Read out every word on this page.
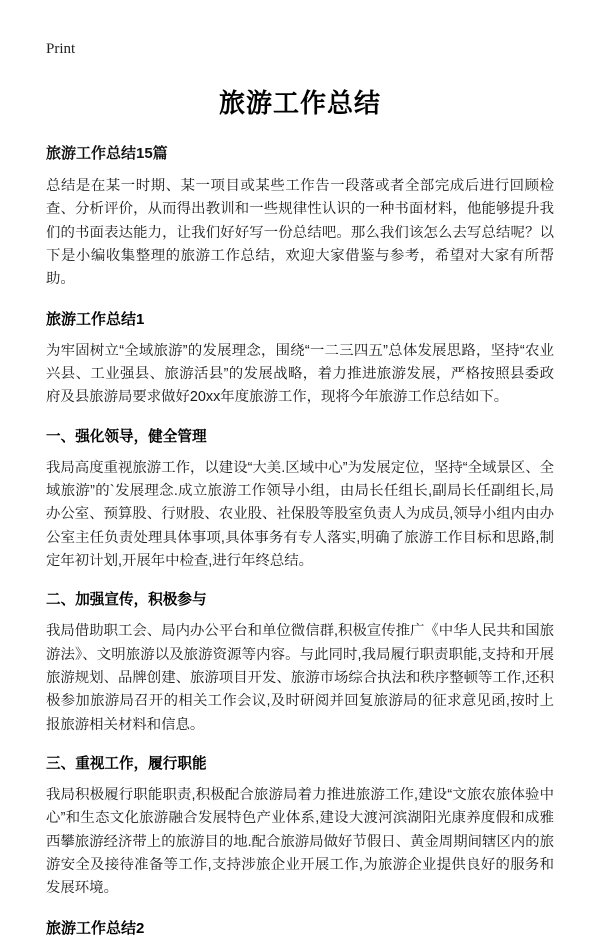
Print
旅游工作总结
旅游工作总结15篇
总结是在某一时期、某一项目或某些工作告一段落或者全部完成后进行回顾检查、分析评价，从而得出教训和一些规律性认识的一种书面材料，他能够提升我们的书面表达能力，让我们好好写一份总结吧。那么我们该怎么去写总结呢？以下是小编收集整理的旅游工作总结，欢迎大家借鉴与参考，希望对大家有所帮助。
旅游工作总结1
为牢固树立“全域旅游”的发展理念，围绕“一二三四五”总体发展思路，坚持“农业兴县、工业强县、旅游活县”的发展战略，着力推进旅游发展，严格按照县委政府及县旅游局要求做好20xx年度旅游工作，现将今年旅游工作总结如下。
一、强化领导，健全管理
我局高度重视旅游工作，以建设“大美.区域中心”为发展定位，坚持“全域景区、全域旅游”的`发展理念.成立旅游工作领导小组，由局长任组长,副局长任副组长,局办公室、预算股、行财股、农业股、社保股等股室负责人为成员,领导小组内由办公室主任负责处理具体事项,具体事务有专人落实,明确了旅游工作目标和思路,制定年初计划,开展年中检查,进行年终总结。
二、加强宣传，积极参与
我局借助职工会、局内办公平台和单位微信群,积极宣传推广《中华人民共和国旅游法》、文明旅游以及旅游资源等内容。与此同时,我局履行职责职能,支持和开展旅游规划、品牌创建、旅游项目开发、旅游市场综合执法和秩序整顿等工作,还积极参加旅游局召开的相关工作会议,及时研阅并回复旅游局的征求意见函,按时上报旅游相关材料和信息。
三、重视工作，履行职能
我局积极履行职能职责,积极配合旅游局着力推进旅游工作,建设“文旅农旅体验中心”和生态文化旅游融合发展特色产业体系,建设大渡河滨湖阳光康养度假和成雅西攀旅游经济带上的旅游目的地.配合旅游局做好节假日、黄金周期间辖区内的旅游安全及接待准备等工作,支持涉旅企业开展工作,为旅游企业提供良好的服务和发展环境。
旅游工作总结2
